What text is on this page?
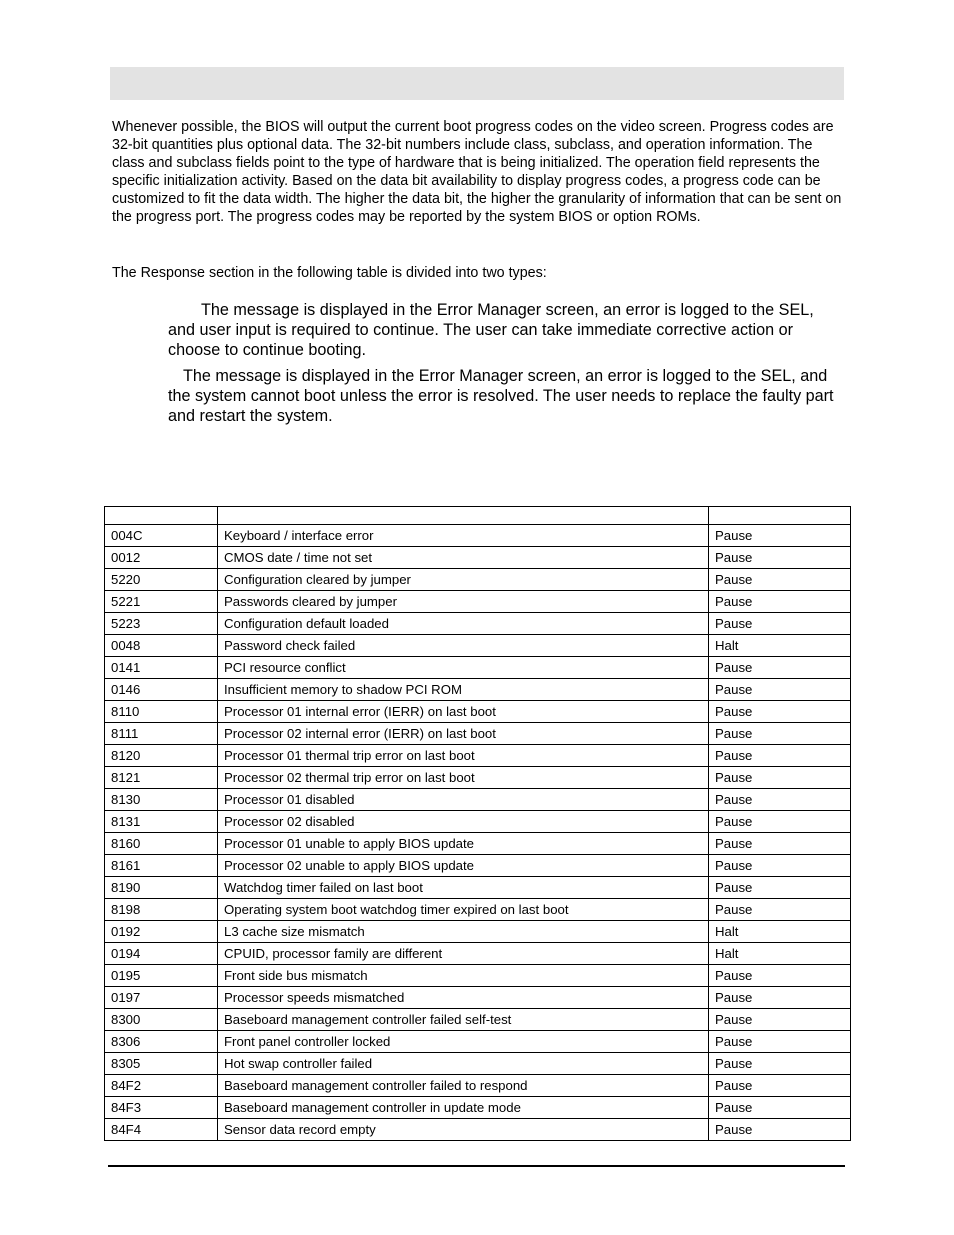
Whenever possible, the BIOS will output the current boot progress codes on the video screen. Progress codes are 32-bit quantities plus optional data. The 32-bit numbers include class, subclass, and operation information. The class and subclass fields point to the type of hardware that is being initialized. The operation field represents the specific initialization activity. Based on the data bit availability to display progress codes, a progress code can be customized to fit the data width. The higher the data bit, the higher the granularity of information that can be sent on the progress port. The progress codes may be reported by the system BIOS or option ROMs.

The Response section in the following table is divided into two types:

The message is displayed in the Error Manager screen, an error is logged to the SEL, and user input is required to continue. The user can take immediate corrective action or choose to continue booting.

The message is displayed in the Error Manager screen, an error is logged to the SEL, and the system cannot boot unless the error is resolved. The user needs to replace the faulty part and restart the system.

004C	Keyboard / interface error	Pause
0012	CMOS date / time not set	Pause
5220	Configuration cleared by jumper	Pause
5221	Passwords cleared by jumper	Pause
5223	Configuration default loaded	Pause
0048	Password check failed	Halt
0141	PCI resource conflict	Pause
0146	Insufficient memory to shadow PCI ROM	Pause
8110	Processor 01 internal error (IERR) on last boot	Pause
8111	Processor 02 internal error (IERR) on last boot	Pause
8120	Processor 01 thermal trip error on last boot	Pause
8121	Processor 02 thermal trip error on last boot	Pause
8130	Processor 01 disabled	Pause
8131	Processor 02 disabled	Pause
8160	Processor 01 unable to apply BIOS update	Pause
8161	Processor 02 unable to apply BIOS update	Pause
8190	Watchdog timer failed on last boot	Pause
8198	Operating system boot watchdog timer expired on last boot	Pause
0192	L3 cache size mismatch	Halt
0194	CPUID, processor family are different	Halt
0195	Front side bus mismatch	Pause
0197	Processor speeds mismatched	Pause
8300	Baseboard management controller failed self-test	Pause
8306	Front panel controller locked	Pause
8305	Hot swap controller failed	Pause
84F2	Baseboard management controller failed to respond	Pause
84F3	Baseboard management controller in update mode	Pause
84F4	Sensor data record empty	Pause
